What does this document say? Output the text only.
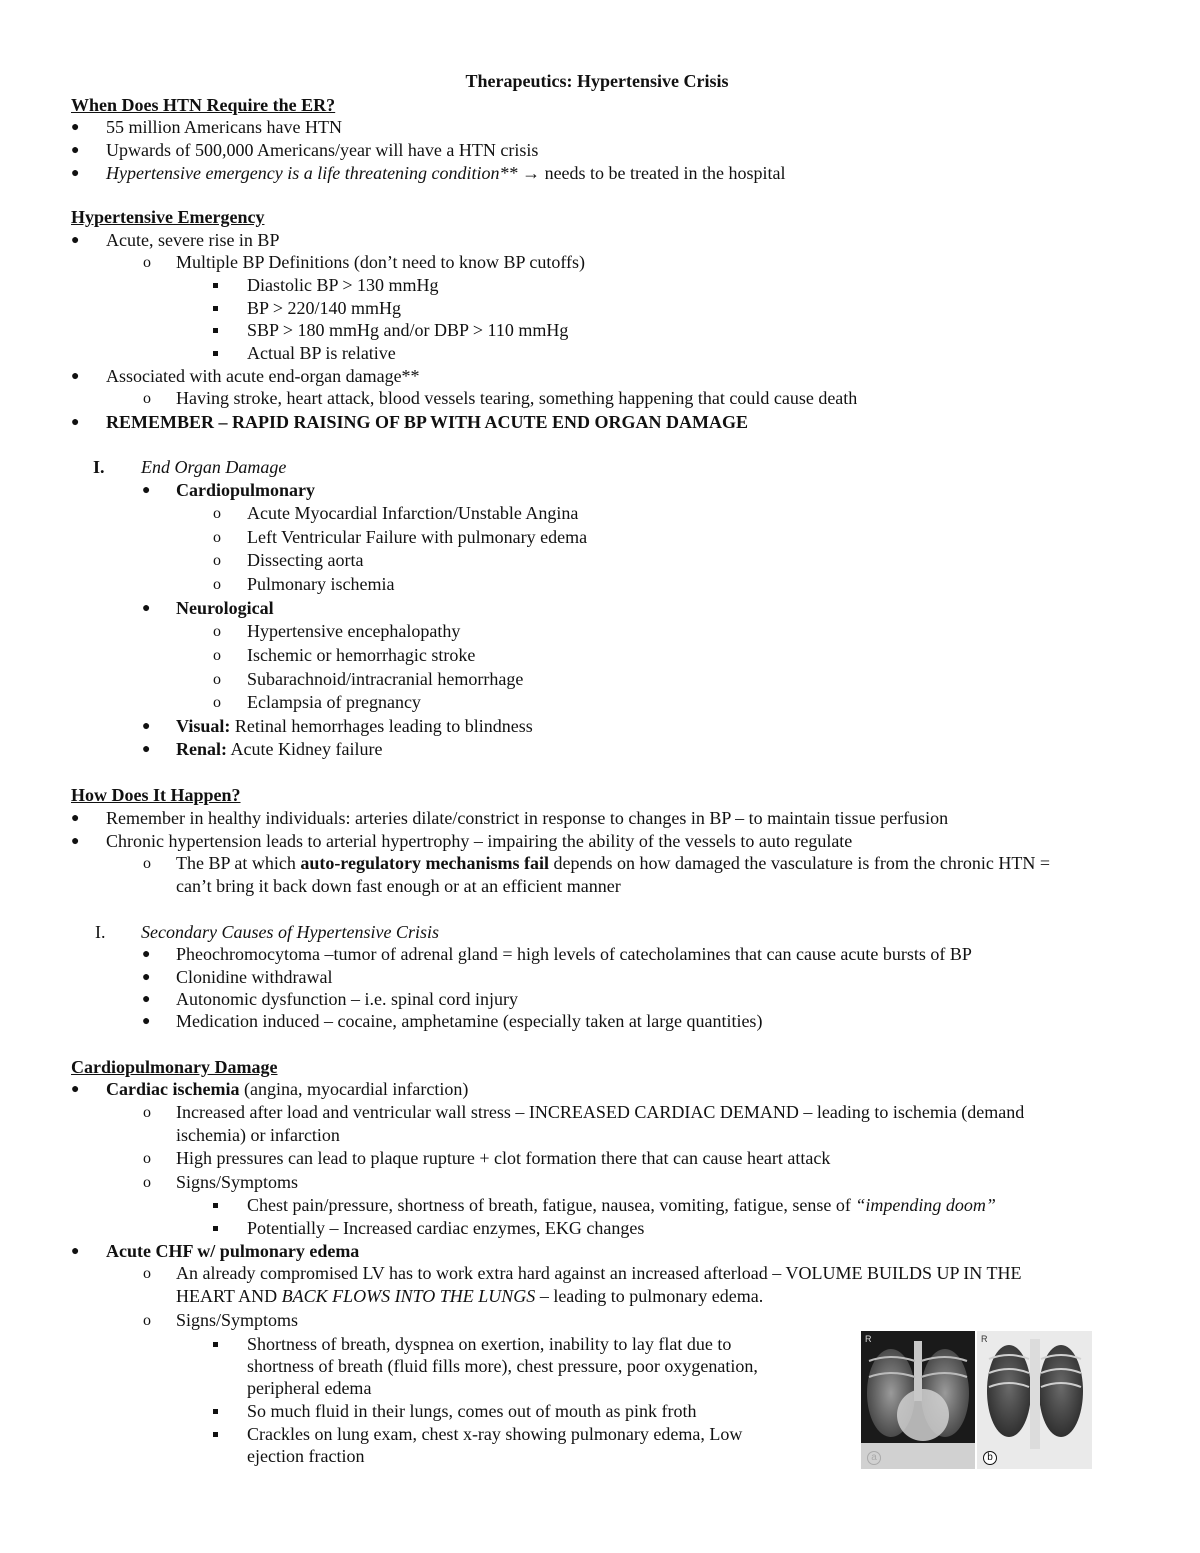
Therapeutics: Hypertensive Crisis
When Does HTN Require the ER?
● 55 million Americans have HTN
● Upwards of 500,000 Americans/year will have a HTN crisis
● Hypertensive emergency is a life threatening condition** → needs to be treated in the hospital
Hypertensive Emergency
● Acute, severe rise in BP
o Multiple BP Definitions (don’t need to know BP cutoffs)
Diastolic BP > 130 mmHg
BP > 220/140 mmHg
SBP > 180 mmHg and/or DBP > 110 mmHg
Actual BP is relative
● Associated with acute end-organ damage**
o Having stroke, heart attack, blood vessels tearing, something happening that could cause death
● REMEMBER – RAPID RAISING OF BP WITH ACUTE END ORGAN DAMAGE
I. End Organ Damage
● Cardiopulmonary
o Acute Myocardial Infarction/Unstable Angina
o Left Ventricular Failure with pulmonary edema
o Dissecting aorta
o Pulmonary ischemia
● Neurological
o Hypertensive encephalopathy
o Ischemic or hemorrhagic stroke
o Subarachnoid/intracranial hemorrhage
o Eclampsia of pregnancy
● Visual: Retinal hemorrhages leading to blindness
● Renal: Acute Kidney failure
How Does It Happen?
● Remember in healthy individuals: arteries dilate/constrict in response to changes in BP – to maintain tissue perfusion
● Chronic hypertension leads to arterial hypertrophy – impairing the ability of the vessels to auto regulate
o The BP at which auto-regulatory mechanisms fail depends on how damaged the vasculature is from the chronic HTN =
can’t bring it back down fast enough or at an efficient manner
I. Secondary Causes of Hypertensive Crisis
● Pheochromocytoma –tumor of adrenal gland = high levels of catecholamines that can cause acute bursts of BP
● Clonidine withdrawal
● Autonomic dysfunction – i.e. spinal cord injury
● Medication induced – cocaine, amphetamine (especially taken at large quantities)
Cardiopulmonary Damage
● Cardiac ischemia (angina, myocardial infarction)
o Increased after load and ventricular wall stress – INCREASED CARDIAC DEMAND – leading to ischemia (demand
ischemia) or infarction
o High pressures can lead to plaque rupture + clot formation there that can cause heart attack
o Signs/Symptoms
Chest pain/pressure, shortness of breath, fatigue, nausea, vomiting, fatigue, sense of “impending doom”
Potentially – Increased cardiac enzymes, EKG changes
● Acute CHF w/ pulmonary edema
o An already compromised LV has to work extra hard against an increased afterload – VOLUME BUILDS UP IN THE
HEART AND BACK FLOWS INTO THE LUNGS – leading to pulmonary edema.
o Signs/Symptoms
Shortness of breath, dyspnea on exertion, inability to lay flat due to
shortness of breath (fluid fills more), chest pressure, poor oxygenation,
peripheral edema
So much fluid in their lungs, comes out of mouth as pink froth
Crackles on lung exam, chest x-ray showing pulmonary edema, Low
ejection fraction
R
a
R
b
